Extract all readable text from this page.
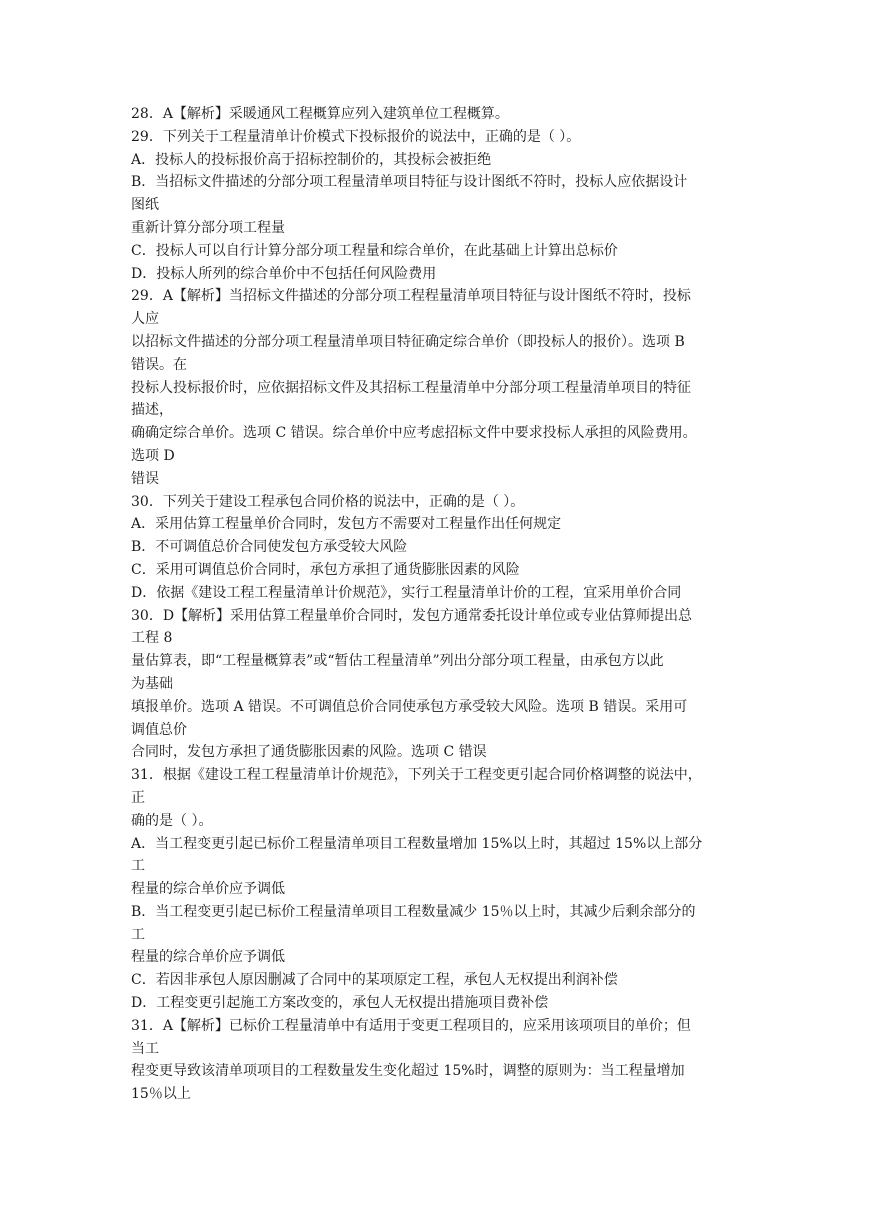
28．A【解析】采暖通风工程概算应列入建筑单位工程概算。
29．下列关于工程量清单计价模式下投标报价的说法中，正确的是（ ）。
A．投标人的投标报价高于招标控制价的，其投标会被拒绝
B．当招标文件描述的分部分项工程量清单项目特征与设计图纸不符时，投标人应依据设计
图纸
重新计算分部分项工程量
C．投标人可以自行计算分部分项工程量和综合单价，在此基础上计算出总标价
D．投标人所列的综合单价中不包括任何风险费用
29．A【解析】当招标文件描述的分部分项工程程量清单项目特征与设计图纸不符时，投标
人应
以招标文件描述的分部分项工程量清单项目特征确定综合单价（即投标人的报价）。选项 B
错误。在
投标人投标报价时，应依据招标文件及其招标工程量清单中分部分项工程量清单项目的特征
描述，
确确定综合单价。选项 C 错误。综合单价中应考虑招标文件中要求投标人承担的风险费用。
选项 D
错误
30．下列关于建设工程承包合同价格的说法中，正确的是（ ）。
A．采用估算工程量单价合同时，发包方不需要对工程量作出任何规定
B．不可调值总价合同使发包方承受较大风险
C．采用可调值总价合同时，承包方承担了通货膨胀因素的风险
D．依据《建设工程工程量清单计价规范》，实行工程量清单计价的工程，宜采用单价合同
30．D【解析】采用估算工程量单价合同时，发包方通常委托设计单位或专业估算师提出总
工程 8
量估算表，即“工程量概算表”或“暂估工程量清单”列出分部分项工程量，由承包方以此
为基础
填报单价。选项 A 错误。不可调值总价合同使承包方承受较大风险。选项 B 错误。采用可
调值总价
合同时，发包方承担了通货膨胀因素的风险。选项 C 错误
31．根据《建设工程工程量清单计价规范》，下列关于工程变更引起合同价格调整的说法中，
正
确的是（ ）。
A．当工程变更引起已标价工程量清单项目工程数量增加 15%以上时，其超过 15%以上部分
工
程量的综合单价应予调低
B．当工程变更引起已标价工程量清单项目工程数量减少 15％以上时，其减少后剩余部分的
工
程量的综合单价应予调低
C．若因非承包人原因删减了合同中的某项原定工程，承包人无权提出利润补偿
D．工程变更引起施工方案改变的，承包人无权提出措施项目费补偿
31．A【解析】已标价工程量清单中有适用于变更工程项目的，应采用该项项目的单价；但
当工
程变更导致该清单项项目的工程数量发生变化超过 15%时，调整的原则为：当工程量增加
15％以上
